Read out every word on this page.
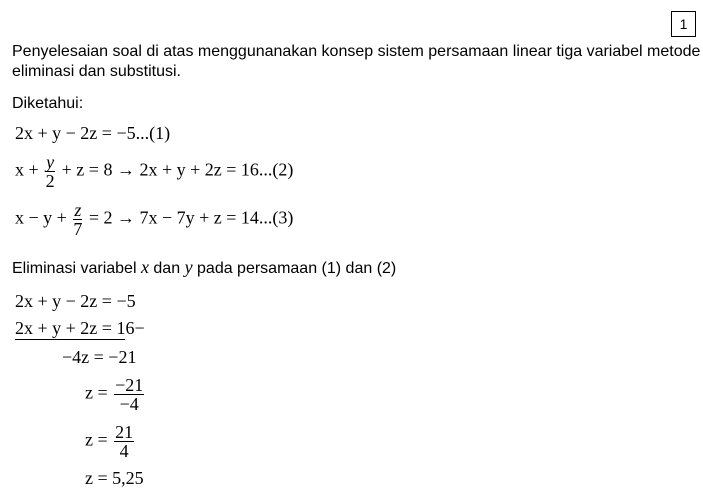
1
Penyelesaian soal di atas menggunanakan konsep sistem persamaan linear tiga variabel metode
eliminasi dan substitusi.
Diketahui:
2x + y − 2z = −5...(1)
$x + \frac{y}{2} + z = 8 \to 2x + y + 2z = 16...(2)$
$x - y + \frac{z}{7} = 2 \to 7x - 7y + z = 14...(3)$
Eliminasi variabel x dan y pada persamaan (1) dan (2)
2x + y − 2z = −5
2x + y + 2z = 16−
−4z = −21
$z = \frac{-21}{-4}$
$z = \frac{21}{4}$
z = 5,25
